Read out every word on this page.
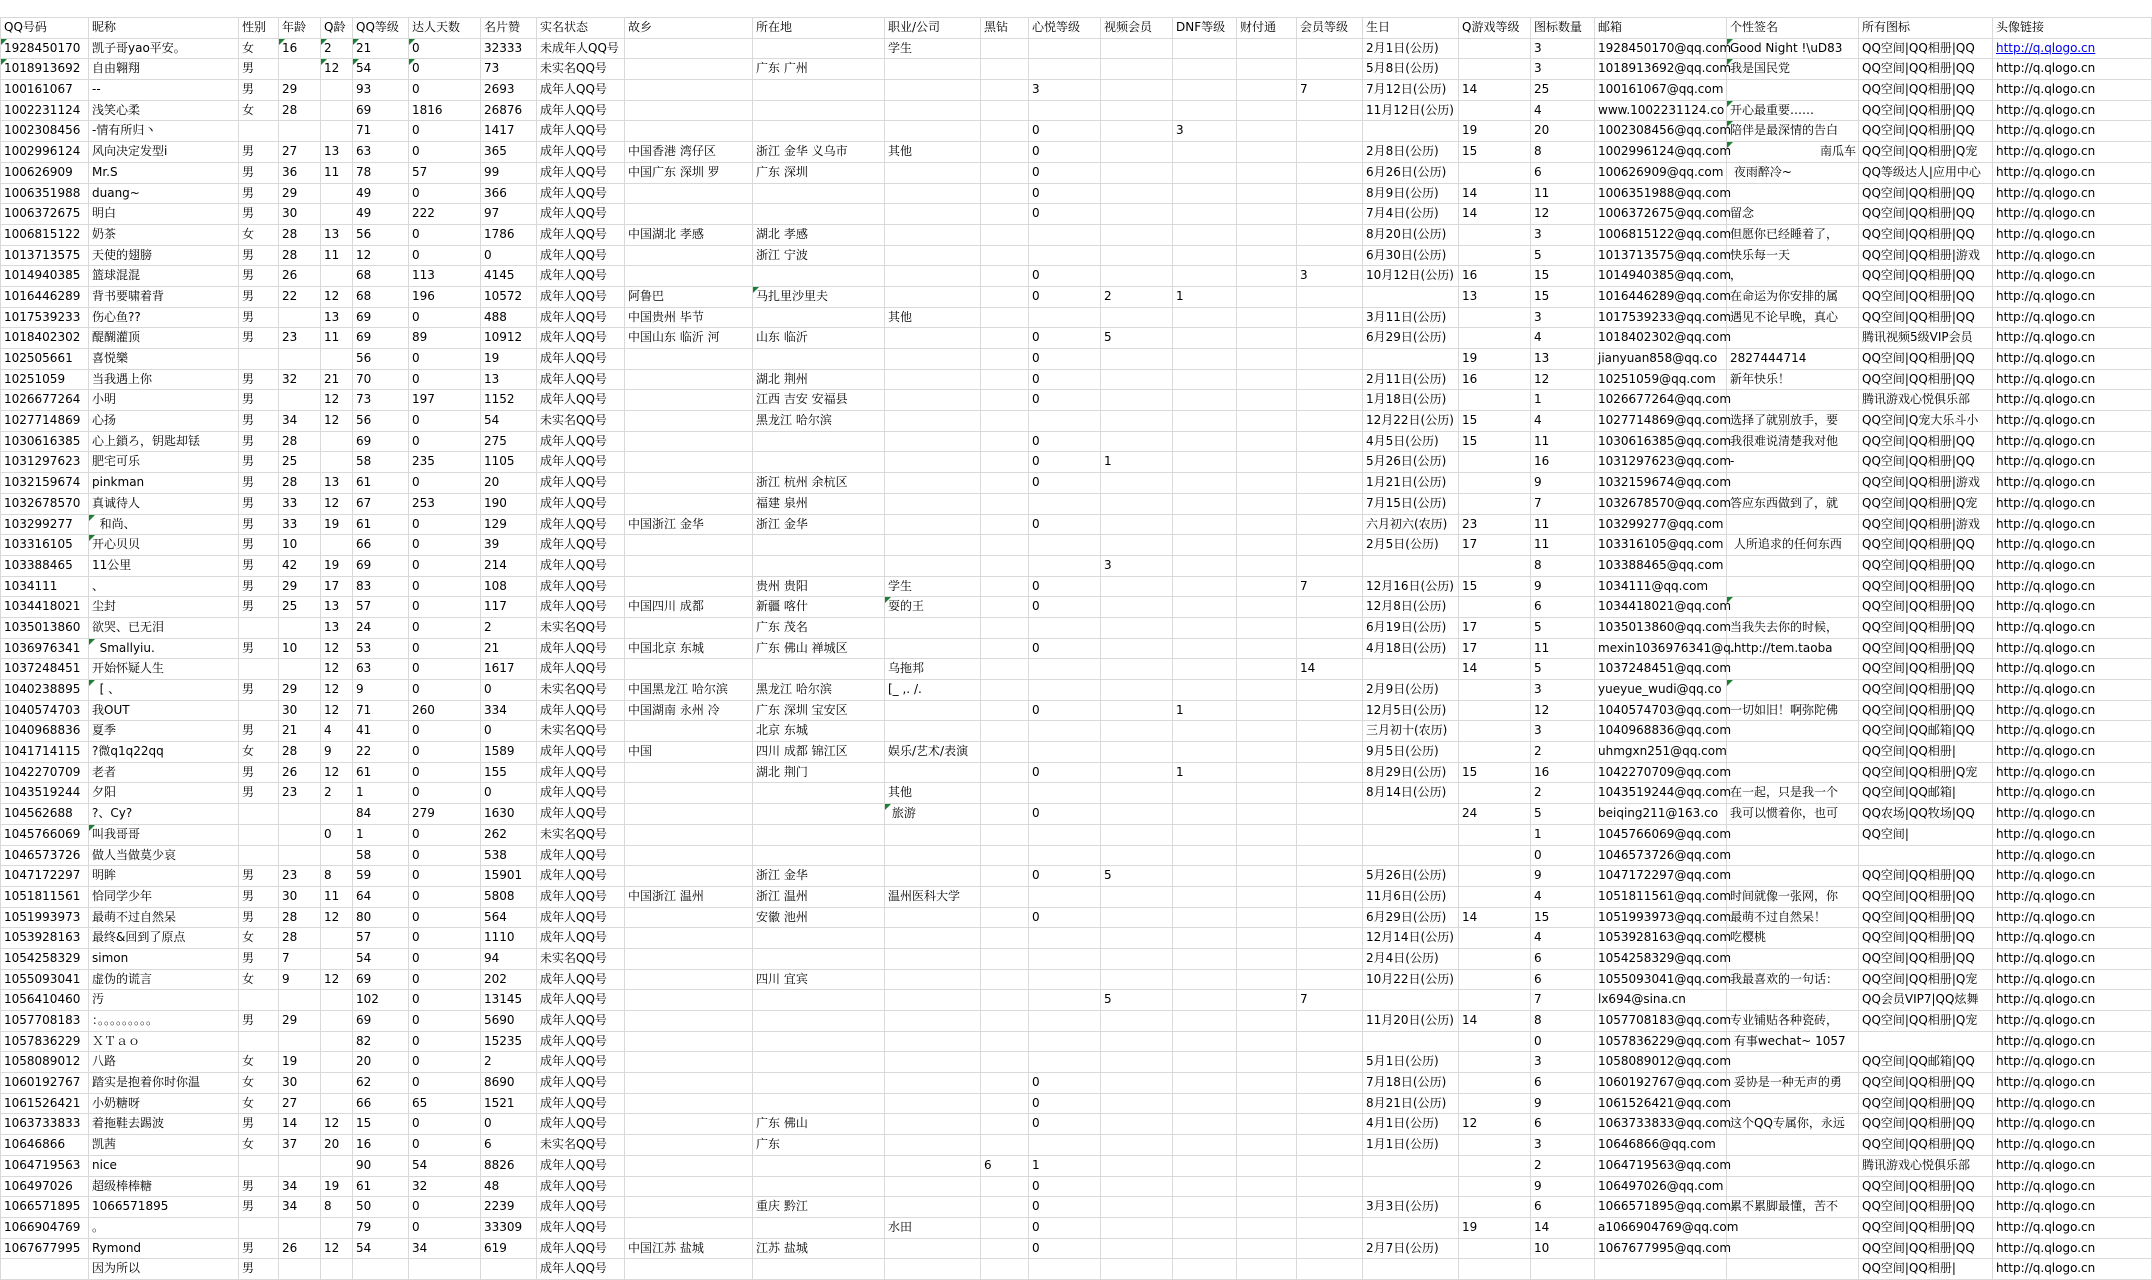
QQ号码	昵称	性别	年龄	Q龄	QQ等级	达人天数	名片赞	实名状态	故乡	所在地	职业/公司	黑钻	心悦等级	视频会员	DNF等级	财付通	会员等级	生日	Q游戏等级	图标数量	邮箱	个性签名	所有图标	头像链接
1928450170	凯子哥yao平安。	女	16	2	21	0	32333	未成年人QQ号			学生							2月1日(公历)		3	1928450170@qq.com	Good Night !\uD83	QQ空间|QQ相册|QQ	http://q.qlogo.cn
1018913692	自由翱翔	男		12	54	0	73	未实名QQ号		广东 广州								5月8日(公历)		3	1018913692@qq.com	我是国民党	QQ空间|QQ相册|QQ	http://q.qlogo.cn
100161067	--	男	29		93	0	2693	成年人QQ号					3				7	7月12日(公历)	14	25	100161067@qq.com		QQ空间|QQ相册|QQ	http://q.qlogo.cn
1002231124	浅笑心柔	女	28		69	1816	26876	成年人QQ号										11月12日(公历)		4	www.1002231124.co	开心最重要……	QQ空间|QQ相册|QQ	http://q.qlogo.cn
1002308456	-情有所归丶				71	0	1417	成年人QQ号					0		3				19	20	1002308456@qq.com	陪伴是最深情的告白	QQ空间|QQ相册|QQ	http://q.qlogo.cn
1002996124	风向决定发型i	男	27	13	63	0	365	成年人QQ号	中国香港 湾仔区	浙江 金华 义乌市	其他		0					2月8日(公历)	15	8	1002996124@qq.com	南瓜车	QQ空间|QQ相册|Q宠	http://q.qlogo.cn
100626909	Mr.S	男	36	11	78	57	99	成年人QQ号	中国广东 深圳 罗	广东 深圳			0					6月26日(公历)		6	100626909@qq.com	夜雨醉冷~	QQ等级达人|应用中心	http://q.qlogo.cn
1006351988	duang~	男	29		49	0	366	成年人QQ号					0					8月9日(公历)	14	11	1006351988@qq.com		QQ空间|QQ相册|QQ	http://q.qlogo.cn
1006372675	明白	男	30		49	222	97	成年人QQ号					0					7月4日(公历)	14	12	1006372675@qq.com	留念	QQ空间|QQ相册|QQ	http://q.qlogo.cn
1006815122	奶茶	女	28	13	56	0	1786	成年人QQ号	中国湖北 孝感	湖北 孝感								8月20日(公历)		3	1006815122@qq.com	但愿你已经睡着了，	QQ空间|QQ相册|QQ	http://q.qlogo.cn
1013713575	天使的翅膀	男	28	11	12	0	0	成年人QQ号		浙江 宁波								6月30日(公历)		5	1013713575@qq.com	快乐每一天	QQ空间|QQ相册|游戏	http://q.qlogo.cn
1014940385	篮球混混	男	26		68	113	4145	成年人QQ号					0				3	10月12日(公历)	16	15	1014940385@qq.com	，	QQ空间|QQ相册|QQ	http://q.qlogo.cn
1016446289	背书要啸着背	男	22	12	68	196	10572	成年人QQ号	阿鲁巴	马扎里沙里夫			0	2	1				13	15	1016446289@qq.com	在命运为你安排的属	QQ空间|QQ相册|QQ	http://q.qlogo.cn
1017539233	伤心鱼??	男		13	69	0	488	成年人QQ号	中国贵州 毕节		其他							3月11日(公历)		3	1017539233@qq.com	遇见不论早晚，真心	QQ空间|QQ相册|QQ	http://q.qlogo.cn
1018402302	醍醐灌顶	男	23	11	69	89	10912	成年人QQ号	中国山东 临沂 河	山东 临沂			0	5				6月29日(公历)		4	1018402302@qq.com		腾讯视频5级VIP会员	http://q.qlogo.cn
102505661	喜悦樂				56	0	19	成年人QQ号					0						19	13	jianyuan858@qq.co	2827444714	QQ空间|QQ相册|QQ	http://q.qlogo.cn
10251059	当我遇上你	男	32	21	70	0	13	成年人QQ号		湖北 荆州			0					2月11日(公历)	16	12	10251059@qq.com	新年快乐！	QQ空间|QQ相册|QQ	http://q.qlogo.cn
1026677264	小明	男		12	73	197	1152	成年人QQ号		江西 吉安 安福县			0					1月18日(公历)		1	1026677264@qq.com		腾讯游戏心悦俱乐部	http://q.qlogo.cn
1027714869	心扬	男	34	12	56	0	54	未实名QQ号		黑龙江 哈尔滨								12月22日(公历)	15	4	1027714869@qq.com	选择了就别放手，要	QQ空间|Q宠大乐斗小	http://q.qlogo.cn
1030616385	心上鎖ろ，钥匙却铥	男	28		69	0	275	成年人QQ号					0					4月5日(公历)	15	11	1030616385@qq.com	我很难说清楚我对他	QQ空间|QQ相册|QQ	http://q.qlogo.cn
1031297623	肥宅可乐	男	25		58	235	1105	成年人QQ号					0	1				5月26日(公历)		16	1031297623@qq.com	-	QQ空间|QQ相册|QQ	http://q.qlogo.cn
1032159674	pinkman	男	28	13	61	0	20	成年人QQ号		浙江 杭州 余杭区			0					1月21日(公历)		9	1032159674@qq.com		QQ空间|QQ相册|游戏	http://q.qlogo.cn
1032678570	真诚待人	男	33	12	67	253	190	成年人QQ号		福建 泉州								7月15日(公历)		7	1032678570@qq.com	答应东西做到了，就	QQ空间|QQ相册|Q宠	http://q.qlogo.cn
103299277	和尚、	男	33	19	61	0	129	成年人QQ号	中国浙江 金华	浙江 金华			0					六月初六(农历)	23	11	103299277@qq.com		QQ空间|QQ相册|游戏	http://q.qlogo.cn
103316105	开心贝贝	男	10		66	0	39	成年人QQ号										2月5日(公历)	17	11	103316105@qq.com	人所追求的任何东西	QQ空间|QQ相册|QQ	http://q.qlogo.cn
103388465	11公里	男	42	19	69	0	214	成年人QQ号						3						8	103388465@qq.com		QQ空间|QQ相册|QQ	http://q.qlogo.cn
1034111	、	男	29	17	83	0	108	成年人QQ号		贵州 贵阳	学生		0				7	12月16日(公历)	15	9	1034111@qq.com		QQ空间|QQ相册|QQ	http://q.qlogo.cn
1034418021	尘封	男	25	13	57	0	117	成年人QQ号	中国四川 成都	新疆 喀什	耍的王		0					12月8日(公历)		6	1034418021@qq.com		QQ空间|QQ相册|QQ	http://q.qlogo.cn
1035013860	欲哭、已无泪			13	24	0	2	未实名QQ号		广东 茂名								6月19日(公历)	17	5	1035013860@qq.com	当我失去你的时候，	QQ空间|QQ相册|QQ	http://q.qlogo.cn
1036976341	Smallyiu.	男	10	12	53	0	21	成年人QQ号	中国北京 东城	广东 佛山 禅城区			0					4月18日(公历)	17	11	mexin1036976341@q.	.http://tem.taoba	QQ空间|QQ相册|QQ	http://q.qlogo.cn
1037248451	开始怀疑人生			12	63	0	1617	成年人QQ号			乌拖邦						14		14	5	1037248451@qq.com		QQ空间|QQ相册|QQ	http://q.qlogo.cn
1040238895	[ 、	男	29	12	9	0	0	未实名QQ号	中国黑龙江 哈尔滨	黑龙江 哈尔滨	[_ ,. /.							2月9日(公历)		3	yueyue_wudi@qq.co		QQ空间|QQ相册|QQ	http://q.qlogo.cn
1040574703	我OUT		30	12	71	260	334	成年人QQ号	中国湖南 永州 冷	广东 深圳 宝安区			0		1			12月5日(公历)		12	1040574703@qq.com	一切如旧！啊弥陀佛	QQ空间|QQ相册|QQ	http://q.qlogo.cn
1040968836	夏季	男	21	4	41	0	0	未实名QQ号		北京 东城								三月初十(农历)		3	1040968836@qq.com		QQ空间|QQ邮箱|QQ	http://q.qlogo.cn
1041714115	?微q1q22qq	女	28	9	22	0	1589	成年人QQ号	中国	四川 成都 锦江区	娱乐/艺术/表演							9月5日(公历)		2	uhmgxn251@qq.com		QQ空间|QQ相册|	http://q.qlogo.cn
1042270709	老者	男	26	12	61	0	155	成年人QQ号		湖北 荆门			0		1			8月29日(公历)	15	16	1042270709@qq.com		QQ空间|QQ相册|Q宠	http://q.qlogo.cn
1043519244	夕阳	男	23	2	1	0	0	成年人QQ号			其他							8月14日(公历)		2	1043519244@qq.com	在一起，只是我一个	QQ空间|QQ邮箱|	http://q.qlogo.cn
104562688	?、Cy?				84	279	1630	成年人QQ号			旅游		0						24	5	beiqing211@163.co	我可以惯着你，也可	QQ农场|QQ牧场|QQ	http://q.qlogo.cn
1045766069	叫我哥哥			0	1	0	262	未实名QQ号												1	1045766069@qq.com		QQ空间|	http://q.qlogo.cn
1046573726	做人当做莫少哀				58	0	538	成年人QQ号												0	1046573726@qq.com			http://q.qlogo.cn
1047172297	明眸	男	23	8	59	0	15901	成年人QQ号		浙江 金华			0	5				5月26日(公历)		9	1047172297@qq.com		QQ空间|QQ相册|QQ	http://q.qlogo.cn
1051811561	恰同学少年	男	30	11	64	0	5808	成年人QQ号	中国浙江 温州	浙江 温州	温州医科大学							11月6日(公历)		4	1051811561@qq.com	时间就像一张网，你	QQ空间|QQ相册|QQ	http://q.qlogo.cn
1051993973	最萌不过自然呆	男	28	12	80	0	564	成年人QQ号		安徽 池州			0					6月29日(公历)	14	15	1051993973@qq.com	最萌不过自然呆！	QQ空间|QQ相册|QQ	http://q.qlogo.cn
1053928163	最终&回到了原点	女	28		57	0	1110	成年人QQ号										12月14日(公历)		4	1053928163@qq.com	吃樱桃	QQ空间|QQ相册|QQ	http://q.qlogo.cn
1054258329	simon	男	7		54	0	94	未实名QQ号										2月4日(公历)		6	1054258329@qq.com		QQ空间|QQ相册|QQ	http://q.qlogo.cn
1055093041	虚伪的谎言	女	9	12	69	0	202	成年人QQ号		四川 宜宾								10月22日(公历)		6	1055093041@qq.com	我最喜欢的一句话：	QQ空间|QQ相册|Q宠	http://q.qlogo.cn
1056410460	汚				102	0	13145	成年人QQ号						5			7			7	lx694@sina.cn		QQ会员VIP7|QQ炫舞	http://q.qlogo.cn
1057708183	：。。。。。。。。。	男	29		69	0	5690	成年人QQ号										11月20日(公历)	14	8	1057708183@qq.com	专业铺贴各种瓷砖，	QQ空间|QQ相册|Q宠	http://q.qlogo.cn
1057836229	ＸＴａｏ				82	0	15235	成年人QQ号												0	1057836229@qq.com	有事wechat~ 1057		http://q.qlogo.cn
1058089012	八路	女	19		20	0	2	成年人QQ号										5月1日(公历)		3	1058089012@qq.com		QQ空间|QQ邮箱|QQ	http://q.qlogo.cn
1060192767	踏实是抱着你时你温	女	30		62	0	8690	成年人QQ号					0					7月18日(公历)		6	1060192767@qq.com	妥协是一种无声的勇	QQ空间|QQ相册|QQ	http://q.qlogo.cn
1061526421	小奶糖呀	女	27		66	65	1521	成年人QQ号					0					8月21日(公历)		9	1061526421@qq.com		QQ空间|QQ相册|QQ	http://q.qlogo.cn
1063733833	着拖鞋去踢波	男	14	12	15	0	0	成年人QQ号		广东 佛山			0					4月1日(公历)	12	6	1063733833@qq.com	这个QQ专属你，永远	QQ空间|QQ相册|QQ	http://q.qlogo.cn
10646866	凯茜	女	37	20	16	0	6	未实名QQ号		广东								1月1日(公历)		3	10646866@qq.com		QQ空间|QQ相册|QQ	http://q.qlogo.cn
1064719563	nice				90	54	8826	成年人QQ号				6	1							2	1064719563@qq.com		腾讯游戏心悦俱乐部	http://q.qlogo.cn
106497026	超级棒棒糖	男	34	19	61	32	48	成年人QQ号					0							9	106497026@qq.com		QQ空间|QQ相册|QQ	http://q.qlogo.cn
1066571895	1066571895	男	34	8	50	0	2239	成年人QQ号		重庆 黔江			0					3月3日(公历)		6	1066571895@qq.com	累不累脚最懂，苦不	QQ空间|QQ相册|QQ	http://q.qlogo.cn
1066904769	。				79	0	33309	成年人QQ号			水田		0						19	14	a1066904769@qq.com		QQ空间|QQ相册|QQ	http://q.qlogo.cn
1067677995	Rymond	男	26	12	54	34	619	成年人QQ号	中国江苏 盐城	江苏 盐城			0					2月7日(公历)		10	1067677995@qq.com		QQ空间|QQ相册|QQ	http://q.qlogo.cn
	因为所以	男						成年人QQ号															QQ空间|QQ相册|	http://q.qlogo.cn
